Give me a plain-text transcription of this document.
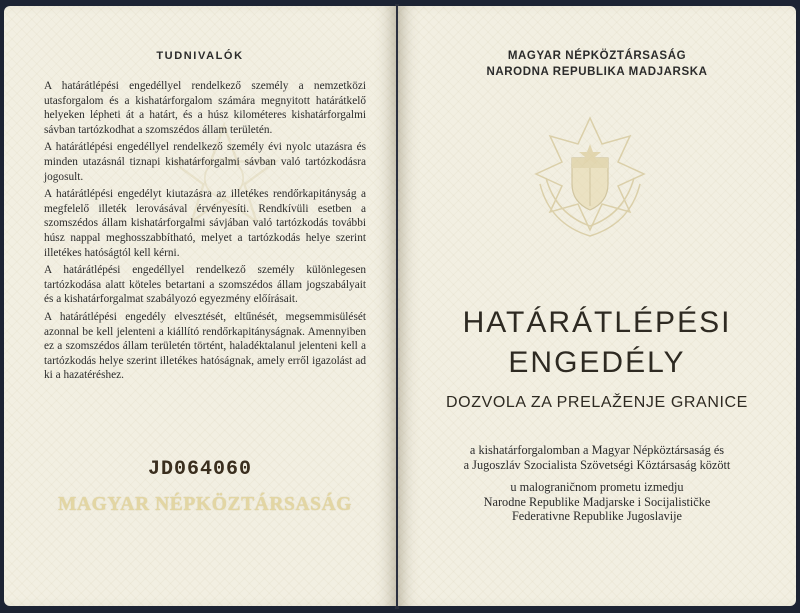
TUDNIVALÓK

A határátlépési engedéllyel rendelkező személy a nemzetközi utasforgalom és a kishatárforgalom számára megnyitott határátkelő helyeken lépheti át a határt, és a húsz kilométeres kishatárforgalmi sávban tartózkodhat a szomszédos állam területén.

A határátlépési engedéllyel rendelkező személy évi nyolc utazásra és minden utazásnál tiznapi kishatárforgalmi sávban való tartózkodásra jogosult.

A határátlépési engedélyt kiutazásra az illetékes rendőrkapitányság a megfelelő illeték lerovásával érvényesíti. Rendkívüli esetben a szomszédos állam kishatárforgalmi sávjában való tartózkodás további húsz nappal meghosszabbítható, melyet a tartózkodás helye szerint illetékes hatóságtól kell kérni.

A határátlépési engedéllyel rendelkező személy különlegesen tartózkodása alatt köteles betartani a szomszédos állam jogszabályait és a kishatárforgalmat szabályozó egyezmény előírásait.

A határátlépési engedély elvesztését, eltűnését, megsemmisülését azonnal be kell jelenteni a kiállító rendőrkapitányságnak. Amennyiben ez a szomszédos állam területén történt, haladéktalanul jelenteni kell a tartózkodás helye szerint illetékes hatóságnak, amely erről igazolást ad ki a hazatéréshez.

JD064060
MAGYAR NÉPKÖZTÁRSASÁG
MAGYAR NÉPKÖZTÁRSASÁG
NARODNA REPUBLIKA MADJARSKA
HATÁRÁTLÉPÉSI
ENGEDÉLY
DOZVOLA ZA PRELAŽENJE GRANICE
a kishatárforgalomban a Magyar Népköztársaság és
a Jugoszláv Szocialista Szövetségi Köztársaság között
u malograničnom prometu izmedju
Narodne Republike Madjarske i Socijalističke
Federativne Republike Jugoslavije
